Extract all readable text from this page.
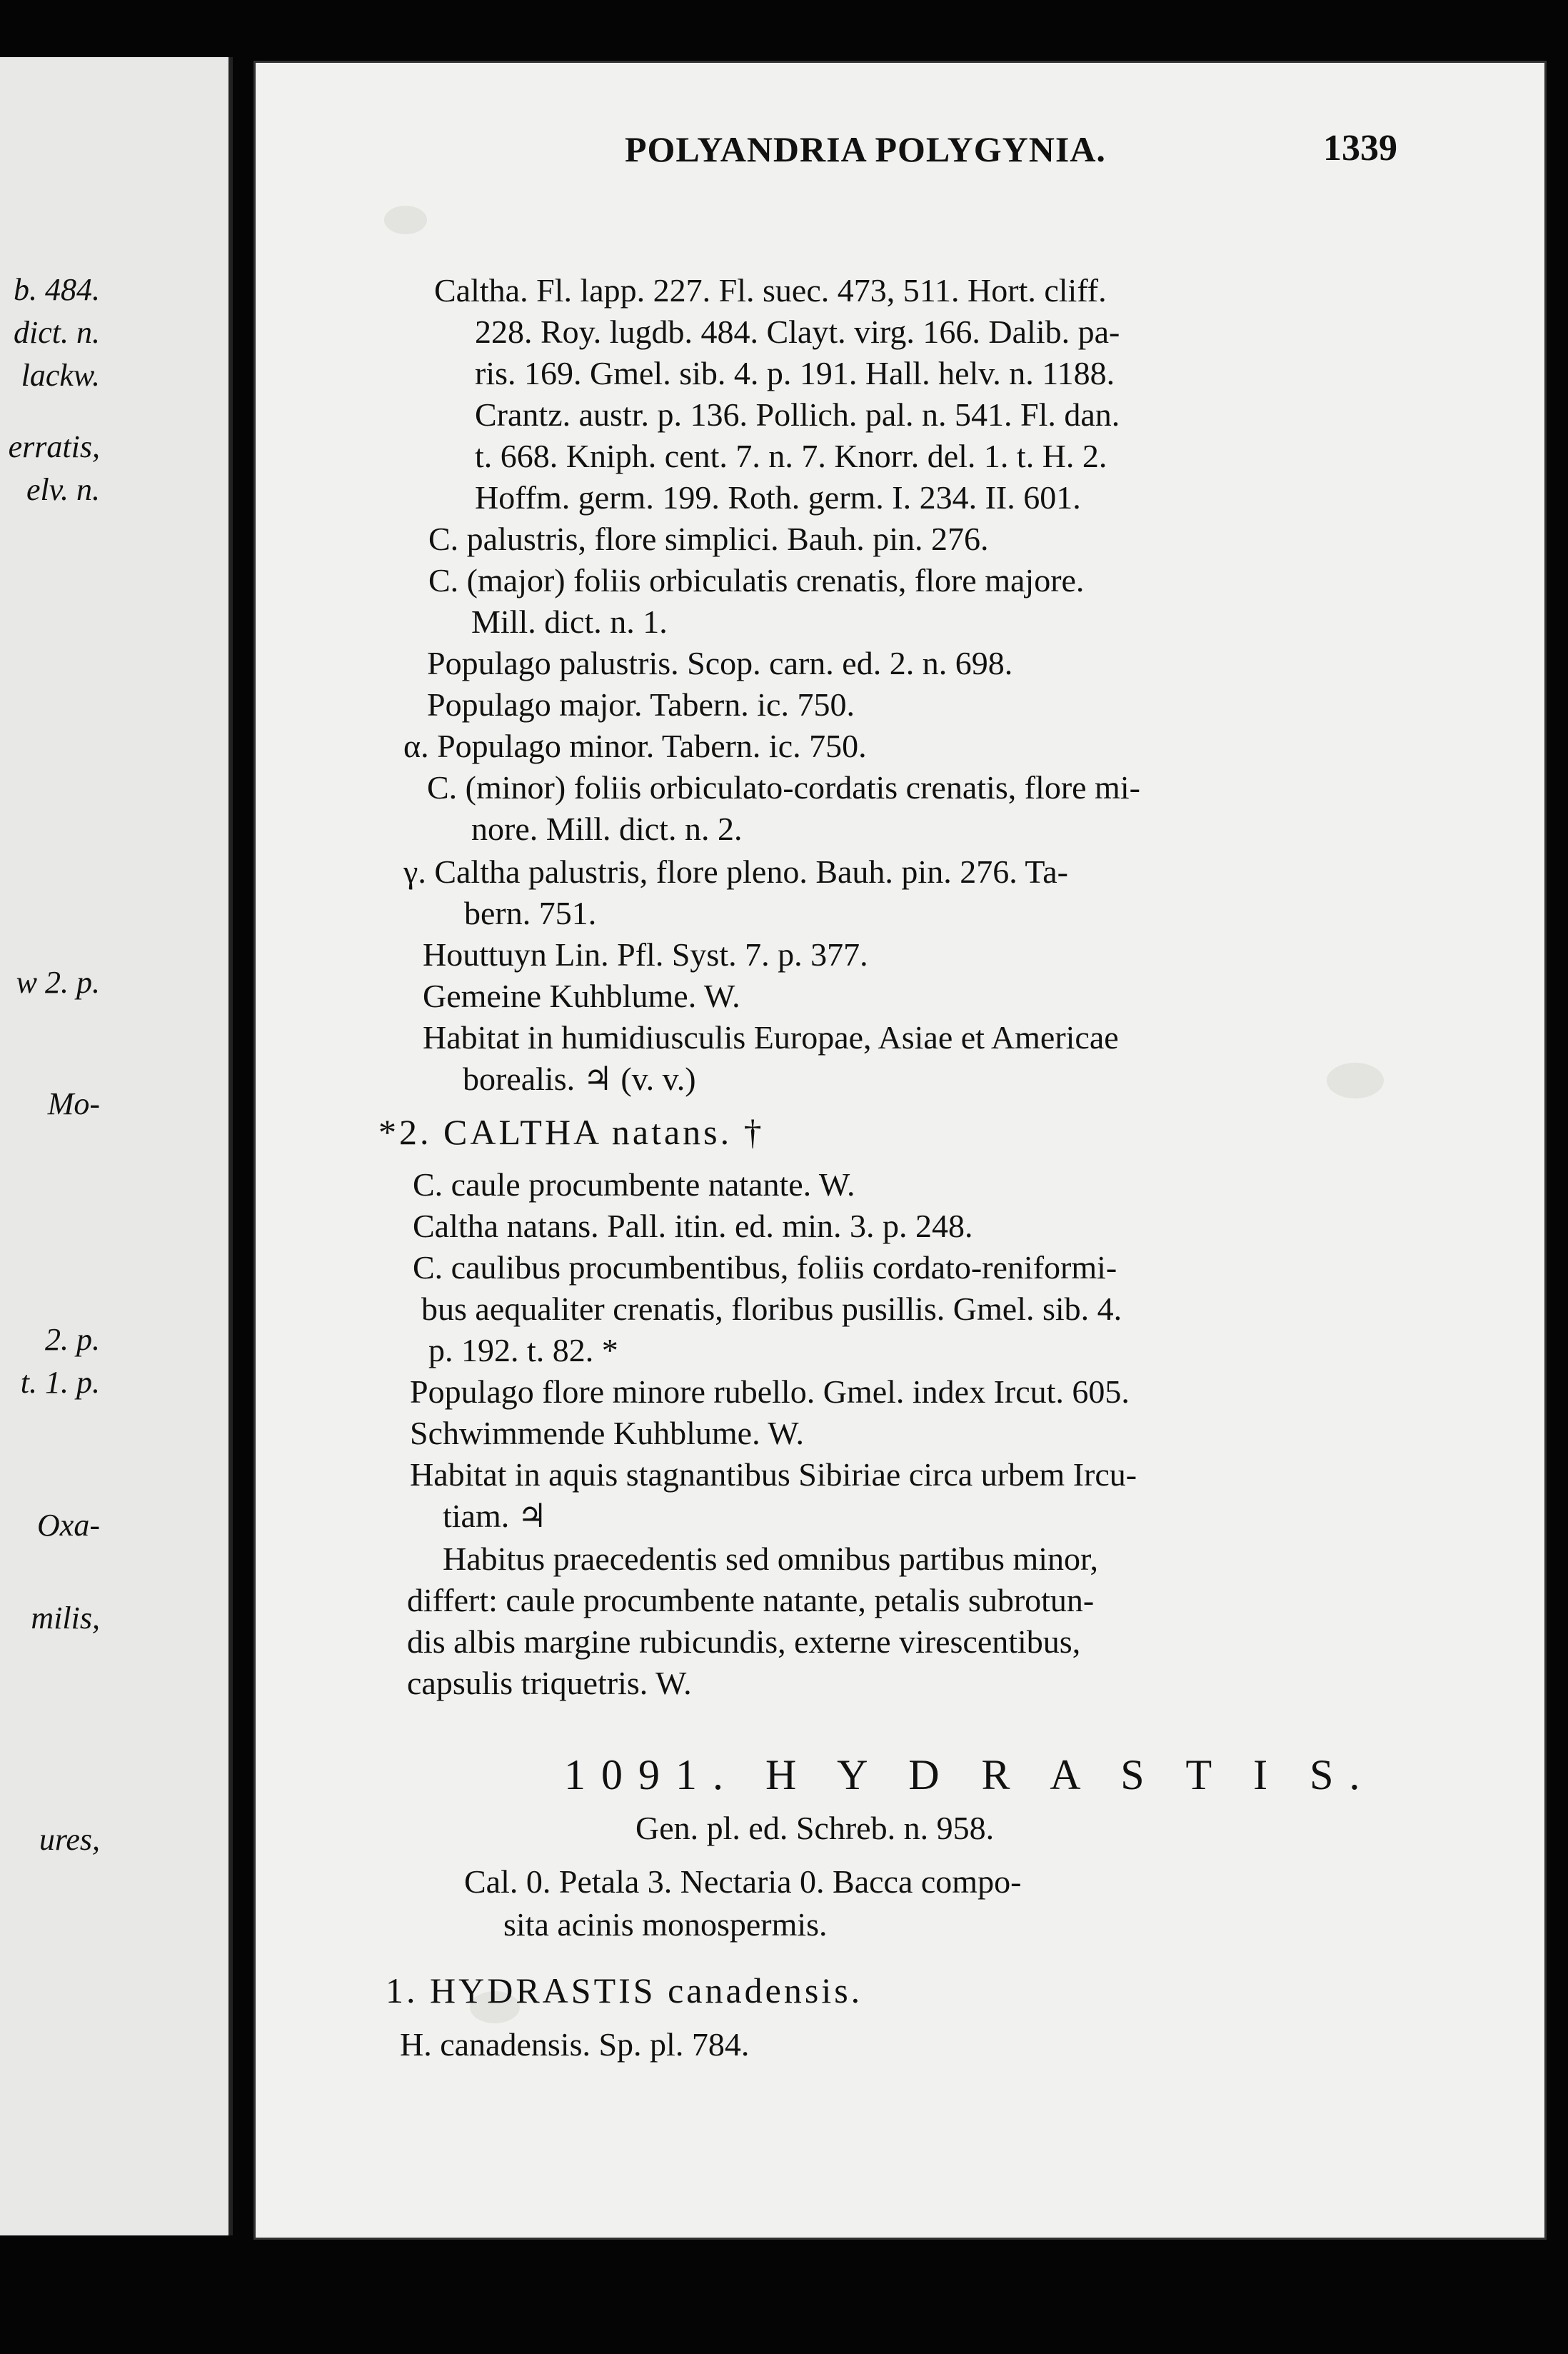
b. 484.
dict. n.
lackw.
erratis,
elv. n.
w 2. p.
Mo-
2. p.
t. 1. p.
Oxa-
milis,
ures,
POLYANDRIA POLYGYNIA.	1339
Caltha. Fl. lapp. 227. Fl. suec. 473, 511. Hort. cliff.
228. Roy. lugdb. 484. Clayt. virg. 166. Dalib. pa-
ris. 169. Gmel. sib. 4. p. 191. Hall. helv. n. 1188.
Crantz. austr. p. 136. Pollich. pal. n. 541. Fl. dan.
t. 668. Kniph. cent. 7. n. 7. Knorr. del. 1. t. H. 2.
Hoffm. germ. 199. Roth. germ. I. 234. II. 601.
C. palustris, flore simplici. Bauh. pin. 276.
C. (major) foliis orbiculatis crenatis, flore majore.
Mill. dict. n. 1.
Populago palustris. Scop. carn. ed. 2. n. 698.
Populago major. Tabern. ic. 750.
α. Populago minor. Tabern. ic. 750.
C. (minor) foliis orbiculato-cordatis crenatis, flore mi-
nore. Mill. dict. n. 2.
γ. Caltha palustris, flore pleno. Bauh. pin. 276. Ta-
bern. 751.
Houttuyn Lin. Pfl. Syst. 7. p. 377.
Gemeine Kuhblume. W.
Habitat in humidiusculis Europae, Asiae et Americae
borealis. ♃ (v. v.)
*2. CALTHA natans. †
C. caule procumbente natante. W.
Caltha natans. Pall. itin. ed. min. 3. p. 248.
C. caulibus procumbentibus, foliis cordato-reniformi-
bus aequaliter crenatis, floribus pusillis. Gmel. sib. 4.
p. 192. t. 82. *
Populago flore minore rubello. Gmel. index Ircut. 605.
Schwimmende Kuhblume. W.
Habitat in aquis stagnantibus Sibiriae circa urbem Ircu-
tiam. ♃
Habitus praecedentis sed omnibus partibus minor,
differt: caule procumbente natante, petalis subrotun-
dis albis margine rubicundis, externe virescentibus,
capsulis triquetris. W.
1091. H Y D R A S T I S.
Gen. pl. ed. Schreb. n. 958.
Cal. 0. Petala 3. Nectaria 0. Bacca compo-
sita acinis monospermis.
1. HYDRASTIS canadensis.
H. canadensis. Sp. pl. 784.
